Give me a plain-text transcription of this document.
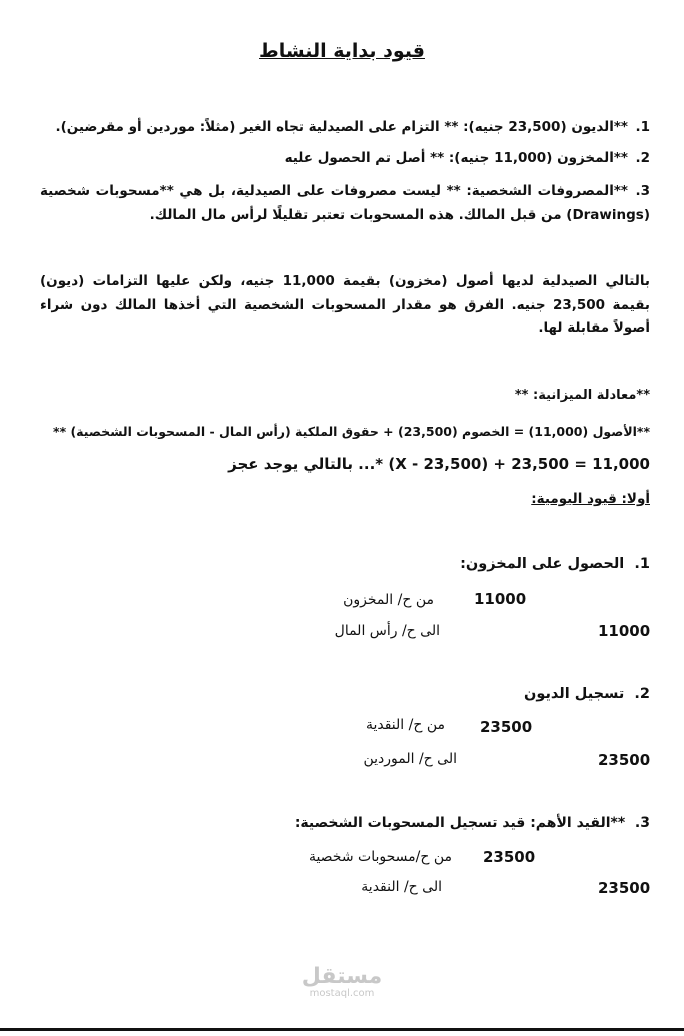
قيود بداية النشاط
1.**الديون (23,500 جنيه): ** التزام على الصيدلية تجاه الغير (مثلاً: موردين أو مقرضين).
2.**المخزون (11,000 جنيه): ** أصل تم الحصول عليه
3.**المصروفات الشخصية: ** ليست مصروفات على الصيدلية، بل هي **مسحوبات شخصية (Drawings) من قبل المالك. هذه المسحوبات تعتبر تقليلًا لرأس مال المالك.
بالتالي الصيدلية لديها أصول (مخزون) بقيمة 11,000 جنيه، ولكن عليها التزامات (ديون) بقيمة 23,500 جنيه. الفرق هو مقدار المسحوبات الشخصية التي أخذها المالك دون شراء أصولاً مقابلة لها.
**معادلة الميزانية: **
**الأصول (11,000) = الخصوم (23,500) + حقوق الملكية (رأس المال - المسحوبات الشخصية) **
11,000 = 23,500 + (X - 23,500) *... بالتالي يوجد عجز
أولا: قيود اليومية:
1.  الحصول على المخزون:
من ح/ المخزون	11000
الى ح/ رأس المال	11000
2.  تسجيل الديون
من ح/ النقدية 23500
الى ح/ الموردين	23500
3.  **القيد الأهم: قيد تسجيل المسحوبات الشخصية:
من ح/مسحوبات شخصية 23500
الى ح/ النقدية	23500
مستقل
mostaql.com
